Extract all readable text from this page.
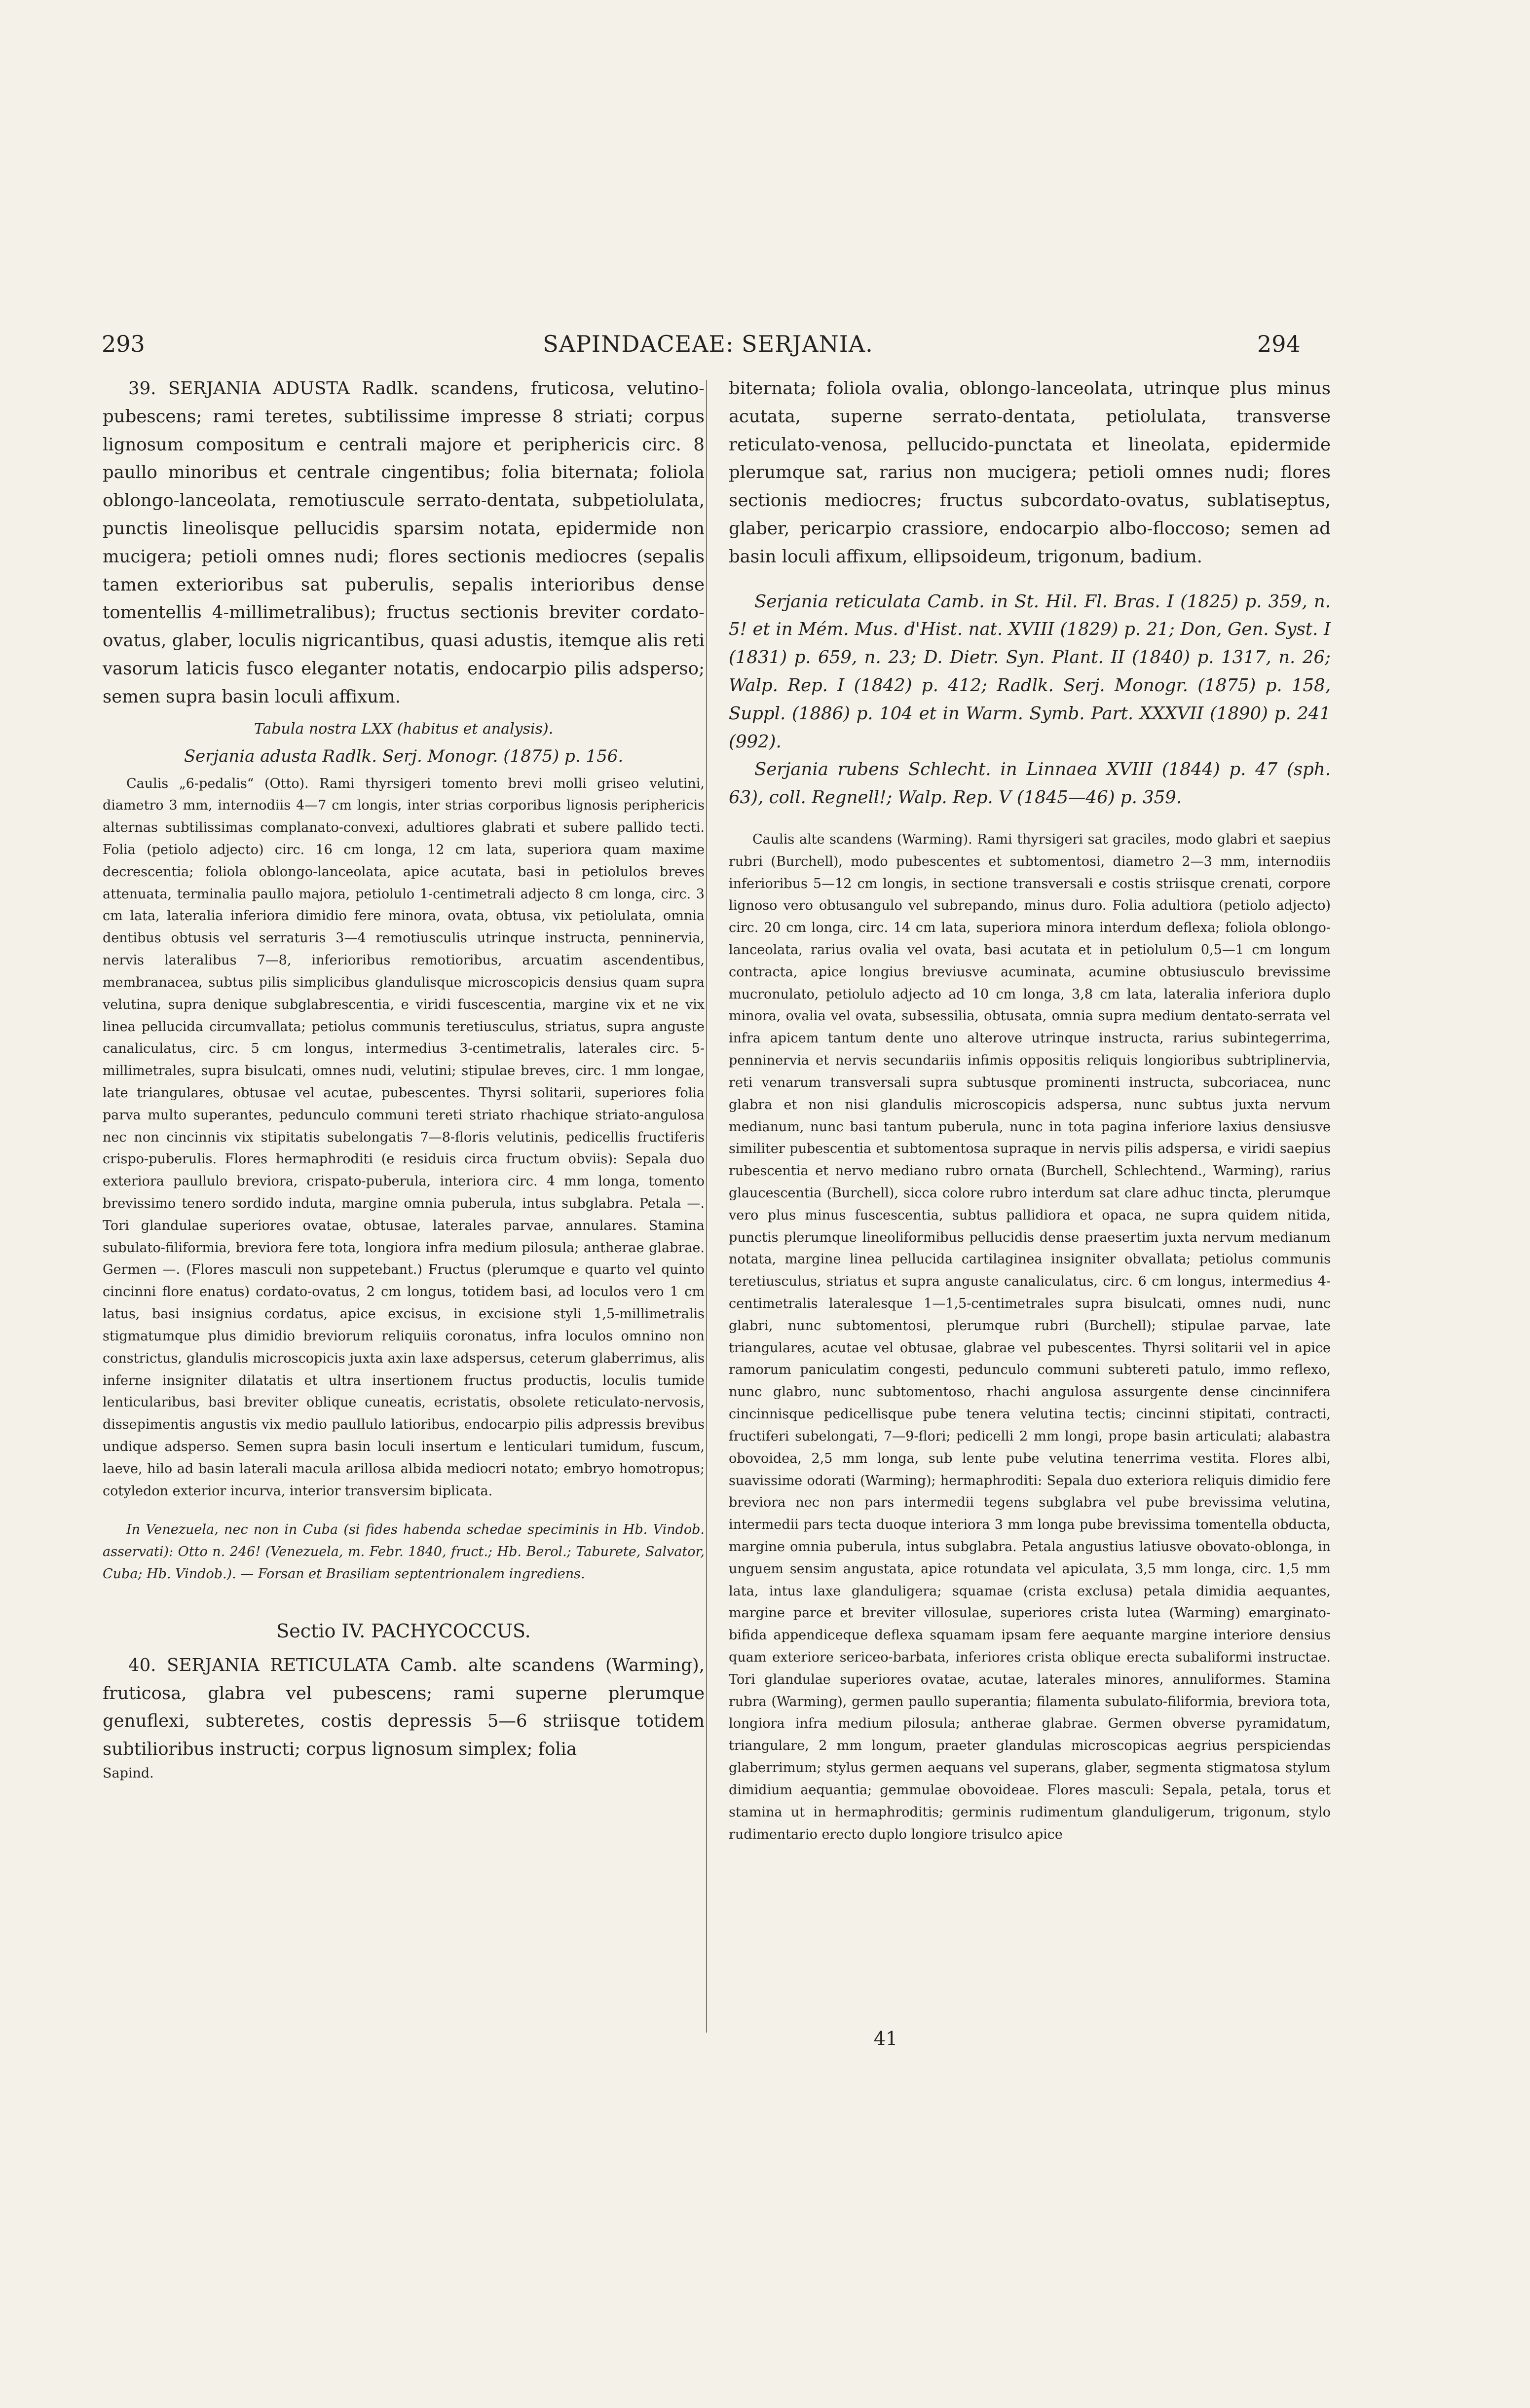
293	SAPINDACEAE: SERJANIA.	294

39. SERJANIA ADUSTA Radlk. scandens, fruticosa, velutino-pubescens; rami teretes, subtilissime impresse 8 striati; corpus lignosum compositum e centrali majore et periphericis circ. 8 paullo minoribus et centrale cingentibus; folia biternata; foliola oblongo-lanceolata, remotiuscule serrato-dentata, subpetiolulata, punctis lineolisque pellucidis sparsim notata, epidermide non mucigera; petioli omnes nudi; flores sectionis mediocres (sepalis tamen exterioribus sat puberulis, sepalis interioribus dense tomentellis 4-millimetralibus); fructus sectionis breviter cordato-ovatus, glaber, loculis nigricantibus, quasi adustis, itemque alis reti vasorum laticis fusco eleganter notatis, endocarpio pilis adsperso; semen supra basin loculi affixum.

Tabula nostra LXX (habitus et analysis).
Serjania adusta Radlk. Serj. Monogr. (1875) p. 156.

Caulis „6-pedalis“ (Otto). Rami thyrsigeri tomento brevi molli griseo velutini, diametro 3 mm, internodiis 4—7 cm longis, inter strias corporibus lignosis periphericis alternas subtilissimas complanato-convexi, adultiores glabrati et subere pallido tecti. Folia (petiolo adjecto) circ. 16 cm longa, 12 cm lata, superiora quam maxime decrescentia; foliola oblongo-lanceolata, apice acutata, basi in petiolulos breves attenuata, terminalia paullo majora, petiolulo 1-centimetrali adjecto 8 cm longa, circ. 3 cm lata, lateralia inferiora dimidio fere minora, ovata, obtusa, vix petiolulata, omnia dentibus obtusis vel serraturis 3—4 remotiusculis utrinque instructa, penninervia, nervis lateralibus 7—8, inferioribus remotioribus, arcuatim ascendentibus, membranacea, subtus pilis simplicibus glandulisque microscopicis densius quam supra velutina, supra denique subglabrescentia, e viridi fuscescentia, margine vix et ne vix linea pellucida circumvallata; petiolus communis teretiusculus, striatus, supra anguste canaliculatus, circ. 5 cm longus, intermedius 3-centimetralis, laterales circ. 5-millimetrales, supra bisulcati, omnes nudi, velutini; stipulae breves, circ. 1 mm longae, late triangulares, obtusae vel acutae, pubescentes. Thyrsi solitarii, superiores folia parva multo superantes, pedunculo communi tereti striato rhachique striato-angulosa nec non cincinnis vix stipitatis subelongatis 7—8-floris velutinis, pedicellis fructiferis crispo-puberulis. Flores hermaphroditi (e residuis circa fructum obviis): Sepala duo exteriora paullulo breviora, crispato-puberula, interiora circ. 4 mm longa, tomento brevissimo tenero sordido induta, margine omnia puberula, intus subglabra. Petala —. Tori glandulae superiores ovatae, obtusae, laterales parvae, annulares. Stamina subulato-filiformia, breviora fere tota, longiora infra medium pilosula; antherae glabrae. Germen —. (Flores masculi non suppetebant.) Fructus (plerumque e quarto vel quinto cincinni flore enatus) cordato-ovatus, 2 cm longus, totidem basi, ad loculos vero 1 cm latus, basi insignius cordatus, apice excisus, in excisione styli 1,5-millimetralis stigmatumque plus dimidio breviorum reliquiis coronatus, infra loculos omnino non constrictus, glandulis microscopicis juxta axin laxe adspersus, ceterum glaberrimus, alis inferne insigniter dilatatis et ultra insertionem fructus productis, loculis tumide lenticularibus, basi breviter oblique cuneatis, ecristatis, obsolete reticulato-nervosis, dissepimentis angustis vix medio paullulo latioribus, endocarpio pilis adpressis brevibus undique adsperso. Semen supra basin loculi insertum e lenticulari tumidum, fuscum, laeve, hilo ad basin laterali macula arillosa albida mediocri notato; embryo homotropus; cotyledon exterior incurva, interior transversim biplicata.

In Venezuela, nec non in Cuba (si fides habenda schedae speciminis in Hb. Vindob. asservati): Otto n. 246! (Venezuela, m. Febr. 1840, fruct.; Hb. Berol.; Taburete, Salvator, Cuba; Hb. Vindob.). — Forsan et Brasiliam septentrionalem ingrediens.

Sectio IV. PACHYCOCCUS.

40. SERJANIA RETICULATA Camb. alte scandens (Warming), fruticosa, glabra vel pubescens; rami superne plerumque genuflexi, subteretes, costis depressis 5—6 striisque totidem subtilioribus instructi; corpus lignosum simplex; folia

Sapind.

biternata; foliola ovalia, oblongo-lanceolata, utrinque plus minus acutata, superne serrato-dentata, petiolulata, transverse reticulato-venosa, pellucido-punctata et lineolata, epidermide plerumque sat, rarius non mucigera; petioli omnes nudi; flores sectionis mediocres; fructus subcordato-ovatus, sublatiseptus, glaber, pericarpio crassiore, endocarpio albo-floccoso; semen ad basin loculi affixum, ellipsoideum, trigonum, badium.

Serjania reticulata Camb. in St. Hil. Fl. Bras. I (1825) p. 359, n. 5! et in Mém. Mus. d'Hist. nat. XVIII (1829) p. 21; Don, Gen. Syst. I (1831) p. 659, n. 23; D. Dietr. Syn. Plant. II (1840) p. 1317, n. 26; Walp. Rep. I (1842) p. 412; Radlk. Serj. Monogr. (1875) p. 158, Suppl. (1886) p. 104 et in Warm. Symb. Part. XXXVII (1890) p. 241 (992).

Serjania rubens Schlecht. in Linnaea XVIII (1844) p. 47 (sph. 63), coll. Regnell!; Walp. Rep. V (1845—46) p. 359.

Caulis alte scandens (Warming). Rami thyrsigeri sat graciles, modo glabri et saepius rubri (Burchell), modo pubescentes et subtomentosi, diametro 2—3 mm, internodiis inferioribus 5—12 cm longis, in sectione transversali e costis striisque crenati, corpore lignoso vero obtusangulo vel subrepando, minus duro. Folia adultiora (petiolo adjecto) circ. 20 cm longa, circ. 14 cm lata, superiora minora interdum deflexa; foliola oblongo-lanceolata, rarius ovalia vel ovata, basi acutata et in petiolulum 0,5—1 cm longum contracta, apice longius breviusve acuminata, acumine obtusiusculo brevissime mucronulato, petiolulo adjecto ad 10 cm longa, 3,8 cm lata, lateralia inferiora duplo minora, ovalia vel ovata, subsessilia, obtusata, omnia supra medium dentato-serrata vel infra apicem tantum dente uno alterove utrinque instructa, rarius subintegerrima, penninervia et nervis secundariis infimis oppositis reliquis longioribus subtriplinervia, reti venarum transversali supra subtusque prominenti instructa, subcoriacea, nunc glabra et non nisi glandulis microscopicis adspersa, nunc subtus juxta nervum medianum, nunc basi tantum puberula, nunc in tota pagina inferiore laxius densiusve similiter pubescentia et subtomentosa supraque in nervis pilis adspersa, e viridi saepius rubescentia et nervo mediano rubro ornata (Burchell, Schlechtend., Warming), rarius glaucescentia (Burchell), sicca colore rubro interdum sat clare adhuc tincta, plerumque vero plus minus fuscescentia, subtus pallidiora et opaca, ne supra quidem nitida, punctis plerumque lineoliformibus pellucidis dense praesertim juxta nervum medianum notata, margine linea pellucida cartilaginea insigniter obvallata; petiolus communis teretiusculus, striatus et supra anguste canaliculatus, circ. 6 cm longus, intermedius 4-centimetralis lateralesque 1—1,5-centimetrales supra bisulcati, omnes nudi, nunc glabri, nunc subtomentosi, plerumque rubri (Burchell); stipulae parvae, late triangulares, acutae vel obtusae, glabrae vel pubescentes. Thyrsi solitarii vel in apice ramorum paniculatim congesti, pedunculo communi subtereti patulo, immo reflexo, nunc glabro, nunc subtomentoso, rhachi angulosa assurgente dense cincinnifera cincinnisque pedicellisque pube tenera velutina tectis; cincinni stipitati, contracti, fructiferi subelongati, 7—9-flori; pedicelli 2 mm longi, prope basin articulati; alabastra obovoidea, 2,5 mm longa, sub lente pube velutina tenerrima vestita. Flores albi, suavissime odorati (Warming); hermaphroditi: Sepala duo exteriora reliquis dimidio fere breviora nec non pars intermedii tegens subglabra vel pube brevissima velutina, intermedii pars tecta duoque interiora 3 mm longa pube brevissima tomentella obducta, margine omnia puberula, intus subglabra. Petala angustius latiusve obovato-oblonga, in unguem sensim angustata, apice rotundata vel apiculata, 3,5 mm longa, circ. 1,5 mm lata, intus laxe glanduligera; squamae (crista exclusa) petala dimidia aequantes, margine parce et breviter villosulae, superiores crista lutea (Warming) emarginato-bifida appendiceque deflexa squamam ipsam fere aequante margine interiore densius quam exteriore sericeo-barbata, inferiores crista oblique erecta subaliformi instructae. Tori glandulae superiores ovatae, acutae, laterales minores, annuliformes. Stamina rubra (Warming), germen paullo superantia; filamenta subulato-filiformia, breviora tota, longiora infra medium pilosula; antherae glabrae. Germen obverse pyramidatum, triangulare, 2 mm longum, praeter glandulas microscopicas aegrius perspiciendas glaberrimum; stylus germen aequans vel superans, glaber, segmenta stigmatosa stylum dimidium aequantia; gemmulae obovoideae. Flores masculi: Sepala, petala, torus et stamina ut in hermaphroditis; germinis rudimentum glanduligerum, trigonum, stylo rudimentario erecto duplo longiore trisulco apice

41
